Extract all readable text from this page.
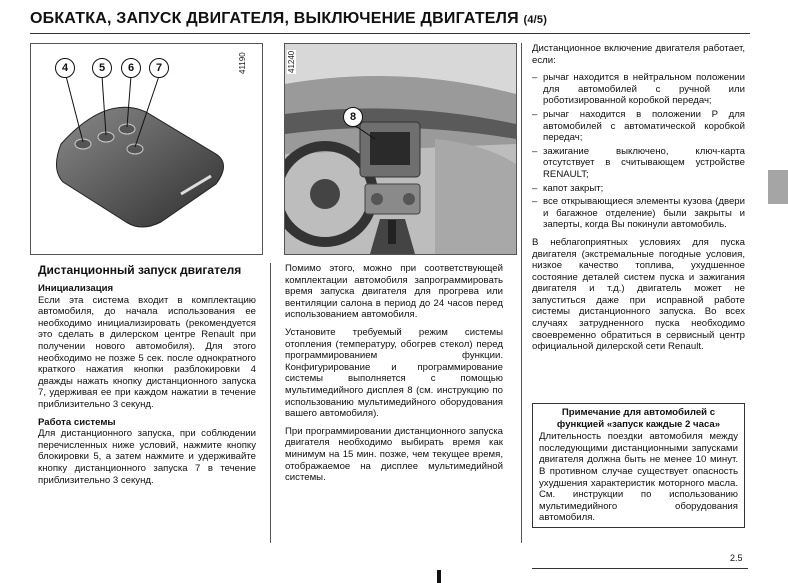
ОБКАТКА, ЗАПУСК ДВИГАТЕЛЯ, ВЫКЛЮЧЕНИЕ ДВИГАТЕЛЯ (4/5)
4	5	6	7	41190
8
41240
Дистанционный запуск двигателя
Инициализация

Если эта система входит в комплектацию автомобиля, до начала использования ее необходимо инициализировать (рекомендуется это сделать в дилерском центре Renault при получении нового автомобиля). Для этого необходимо не позже 5 сек. после однократного краткого нажатия кнопки разблокировки 4 дважды нажать кнопку дистанционного запуска 7, удерживая ее при каждом нажатии в течение приблизительно 3 секунд.

Работа системы

Для дистанционного запуска, при соблюдении перечисленных ниже условий, нажмите кнопку блокировки 5, а затем нажмите и удерживайте кнопку дистанционного запуска 7 в течение приблизительно 3 секунд.

Помимо этого, можно при соответствующей комплектации автомобиля запрограммировать время запуска двигателя для прогрева или вентиляции салона в период до 24 часов перед использованием автомобиля.

Установите требуемый режим системы отопления (температуру, обогрев стекол) перед программированием функции. Конфигурирование и программирование системы выполняется с помощью мультимедийного дисплея 8 (см. инструкцию по использованию мультимедийного оборудования вашего автомобиля).

При программировании дистанционного запуска двигателя необходимо выбирать время как минимум на 15 мин. позже, чем текущее время, отображаемое на дисплее мультимедийной системы.

Дистанционное включение двигателя работает, если:

– рычаг находится в нейтральном положении для автомобилей с ручной или роботизированной коробкой передач;
– рычаг находится в положении P для автомобилей с автоматической коробкой передач;
– зажигание выключено, ключ-карта отсутствует в считывающем устройстве RENAULT;
– капот закрыт;
– все открывающиеся элементы кузова (двери и багажное отделение) были закрыты и заперты, когда Вы покинули автомобиль.

В неблагоприятных условиях для пуска двигателя (экстремальные погодные условия, низкое качество топлива, ухудшенное состояние деталей систем пуска и зажигания двигателя и т.д.) двигатель может не запуститься даже при исправной работе системы дистанционного запуска. Во всех случаях затрудненного пуска необходимо своевременно обратиться в сервисный центр официальной дилерской сети Renault.

Примечание для автомобилей с функцией «запуск каждые 2 часа»

Длительность поездки автомобиля между последующими дистанционными запусками двигателя должна быть не менее 10 минут. В противном случае существует опасность ухудшения характеристик моторного масла. См. инструкции по использованию мультимедийного оборудования автомобиля.

2.5
